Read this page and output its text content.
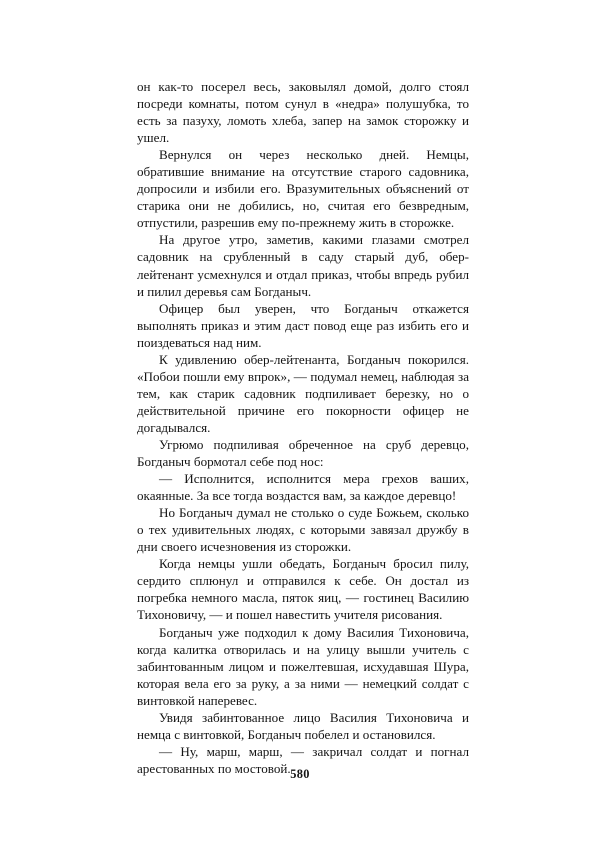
он как-то посерел весь, заковылял домой, долго стоял посреди комнаты, потом сунул в «недра» полушубка, то есть за пазуху, ломоть хлеба, запер на замок сторожку и ушел.

Вернулся он через несколько дней. Немцы, обратившие внимание на отсутствие старого садовника, допросили и избили его. Вразумительных объяснений от старика они не добились, но, считая его безвредным, отпустили, разрешив ему по-прежнему жить в сторожке.

На другое утро, заметив, какими глазами смотрел садовник на срубленный в саду старый дуб, обер-лейтенант усмехнулся и отдал приказ, чтобы впредь рубил и пилил деревья сам Богданыч.

Офицер был уверен, что Богданыч откажется выполнять приказ и этим даст повод еще раз избить его и поиздеваться над ним.

К удивлению обер-лейтенанта, Богданыч покорился. «Побои пошли ему впрок», — подумал немец, наблюдая за тем, как старик садовник подпиливает березку, но о действительной причине его покорности офицер не догадывался.

Угрюмо подпиливая обреченное на сруб деревцо, Богданыч бормотал себе под нос:

— Исполнится, исполнится мера грехов ваших, окаянные. За все тогда воздастся вам, за каждое деревцо!

Но Богданыч думал не столько о суде Божьем, сколько о тех удивительных людях, с которыми завязал дружбу в дни своего исчезновения из сторожки.

Когда немцы ушли обедать, Богданыч бросил пилу, сердито сплюнул и отправился к себе. Он достал из погребка немного масла, пяток яиц, — гостинец Василию Тихоновичу, — и пошел навестить учителя рисования.

Богданыч уже подходил к дому Василия Тихоновича, когда калитка отворилась и на улицу вышли учитель с забинтованным лицом и пожелтевшая, исхудавшая Шура, которая вела его за руку, а за ними — немецкий солдат с винтовкой наперевес.

Увидя забинтованное лицо Василия Тихоновича и немца с винтовкой, Богданыч побелел и остановился.

— Ну, марш, марш, — закричал солдат и погнал арестованных по мостовой. 580
